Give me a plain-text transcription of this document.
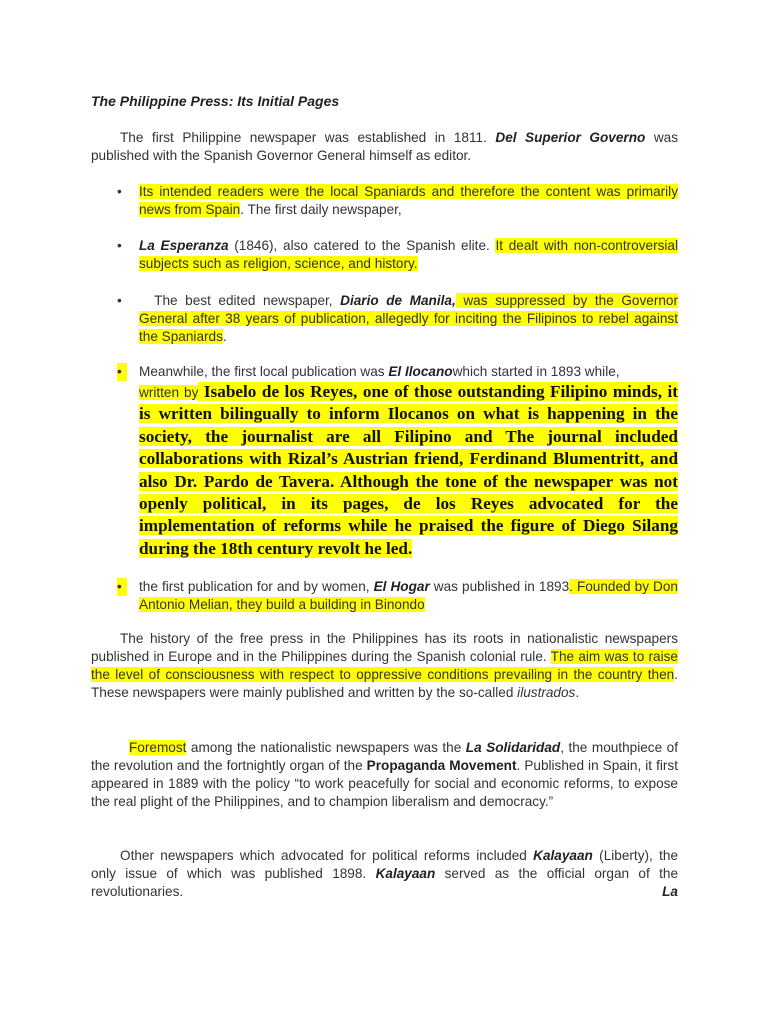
The Philippine Press: Its Initial Pages

The first Philippine newspaper was established in 1811. Del Superior Governo was published with the Spanish Governor General himself as editor.

•	Its intended readers were the local Spaniards and therefore the content was primarily news from Spain. The first daily newspaper,
•	La Esperanza (1846), also catered to the Spanish elite. It dealt with non-controversial subjects such as religion, science, and history.
•	The best edited newspaper, Diario de Manila, was suppressed by the Governor General after 38 years of publication, allegedly for inciting the Filipinos to rebel against the Spaniards.
•	Meanwhile, the first local publication was El Ilocanowhich started in 1893 while,
written by Isabelo de los Reyes, one of those outstanding Filipino minds, it is written bilingually to inform Ilocanos on what is happening in the society, the journalist are all Filipino and The journal included collaborations with Rizal’s Austrian friend, Ferdinand Blumentritt, and also Dr. Pardo de Tavera. Although the tone of the newspaper was not openly political, in its pages, de los Reyes advocated for the implementation of reforms while he praised the figure of Diego Silang during the 18th century revolt he led.
•	the first publication for and by women, El Hogar was published in 1893. Founded by Don Antonio Melian, they build a building in Binondo

The history of the free press in the Philippines has its roots in nationalistic newspapers published in Europe and in the Philippines during the Spanish colonial rule. The aim was to raise the level of consciousness with respect to oppressive conditions prevailing in the country then. These newspapers were mainly published and written by the so-called ilustrados.

Foremost among the nationalistic newspapers was the La Solidaridad, the mouthpiece of the revolution and the fortnightly organ of the Propaganda Movement. Published in Spain, it first appeared in 1889 with the policy “to work peacefully for social and economic reforms, to expose the real plight of the Philippines, and to champion liberalism and democracy.”

Other newspapers which advocated for political reforms included Kalayaan (Liberty), the only issue of which was published 1898. Kalayaan served as the official organ of the revolutionaries. La
